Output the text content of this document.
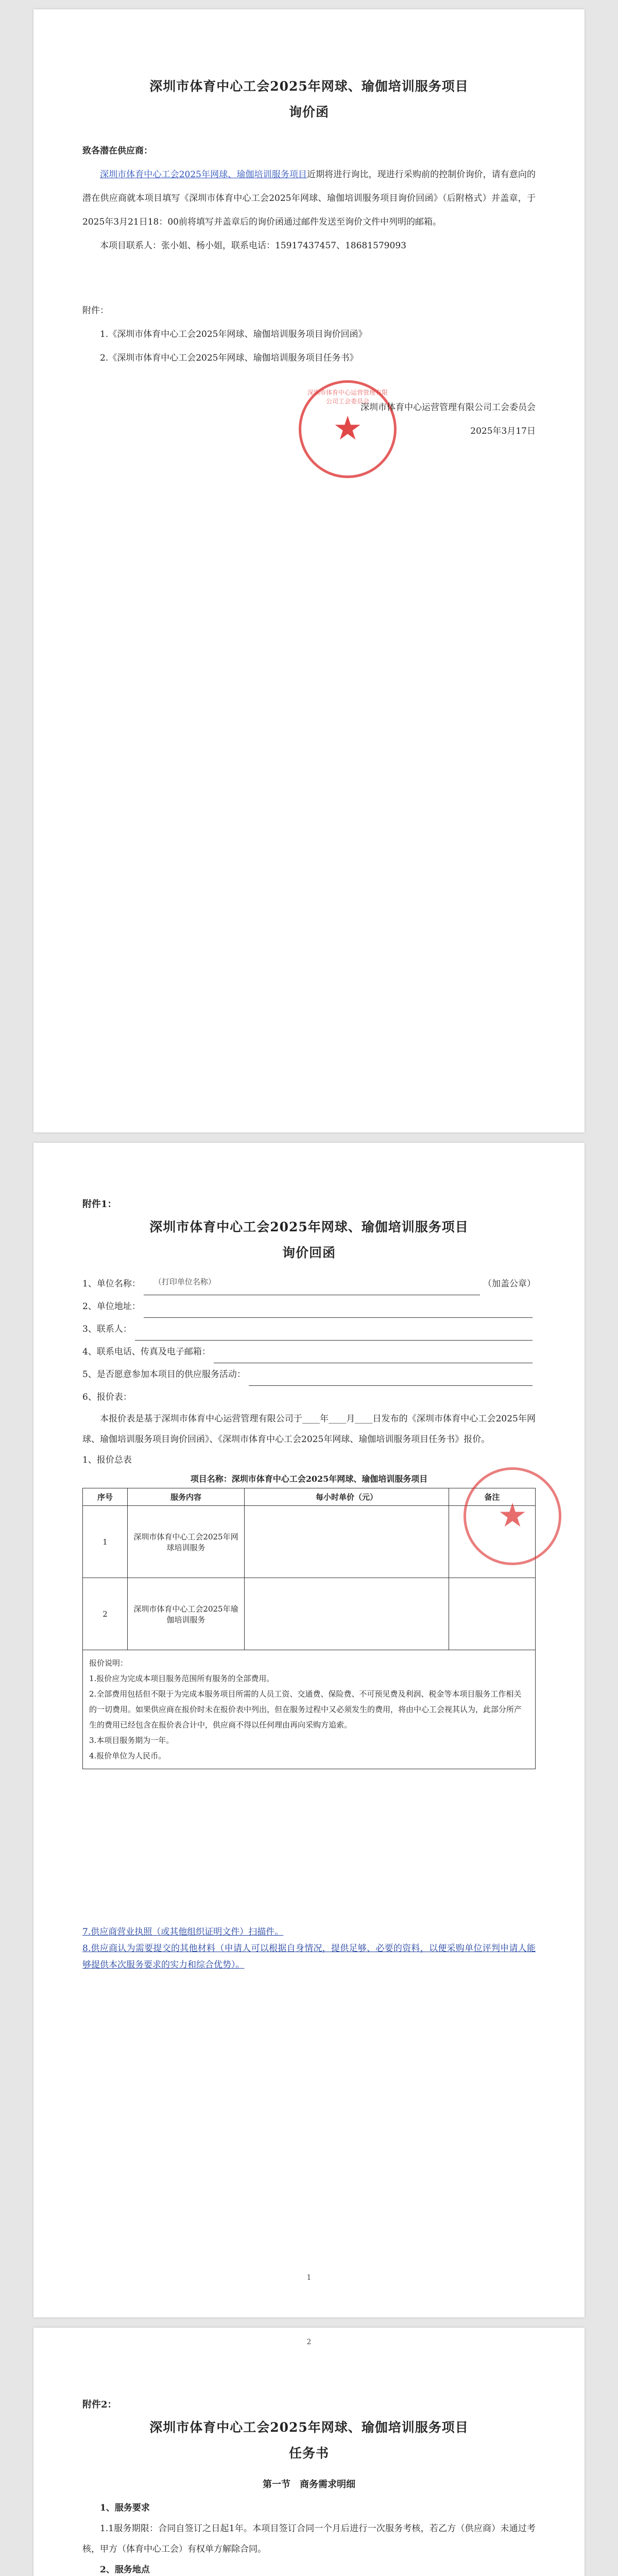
深圳市体育中心工会2025年网球、瑜伽培训服务项目
询价函

致各潜在供应商：

深圳市体育中心工会2025年网球、瑜伽培训服务项目近期将进行询比，现进行采购前的控制价询价，请有意向的潜在供应商就本项目填写《深圳市体育中心工会2025年网球、瑜伽培训服务项目询价回函》（后附格式）并盖章，于2025年3月21日18：00前将填写并盖章后的询价函通过邮件发送至询价文件中列明的邮箱。

本项目联系人：张小姐、杨小姐，联系电话：15917437457、18681579093

附件：

1.《深圳市体育中心工会2025年网球、瑜伽培训服务项目询价回函》

2.《深圳市体育中心工会2025年网球、瑜伽培训服务项目任务书》

深圳市体育中心运营管理有限公司工会委员会
★
深圳市体育中心运营管理有限公司工会委员会
2025年3月17日
附件1：
深圳市体育中心工会2025年网球、瑜伽培训服务项目
询价回函
1、单位名称： （打印单位名称）	（加盖公章）
2、单位地址：
3、联系人：
4、联系电话、传真及电子邮箱：
5、是否愿意参加本项目的供应服务活动：
6、报价表：

本报价表是基于深圳市体育中心运营管理有限公司于____年____月____日发布的《深圳市体育中心工会2025年网球、瑜伽培训服务项目询价回函》、《深圳市体育中心工会2025年网球、瑜伽培训服务项目任务书》报价。

1、报价总表

项目名称：深圳市体育中心工会2025年网球、瑜伽培训服务项目
序号	服务内容	每小时单价（元）	备注
1	深圳市体育中心工会2025年网球培训服务		
2	深圳市体育中心工会2025年瑜伽培训服务		
报价说明：
1.报价应为完成本项目服务范围所有服务的全部费用。
2.全部费用包括但不限于为完成本服务项目所需的人员工资、交通费、保险费、不可预见费及利润、税金等本项目服务工作相关的一切费用。如果供应商在报价时未在报价表中列出，但在服务过程中又必须发生的费用，将由中心工会视其认为，此部分所产生的费用已经包含在报价表合计中，供应商不得以任何理由再向采购方追索。
3.本项目服务期为一年。
4.报价单位为人民币。
★

7.供应商营业执照（或其他组织证明文件）扫描件。

8.供应商认为需要提交的其他材料（申请人可以根据自身情况，提供足够、必要的资料，以便采购单位评判申请人能够提供本次服务要求的实力和综合优势）。

1
2
附件2：
深圳市体育中心工会2025年网球、瑜伽培训服务项目
任务书
第一节　商务需求明细

1、服务要求

1.1服务期限：合同自签订之日起1年。本项目签订合同一个月后进行一次服务考核，若乙方（供应商）未通过考核，甲方（体育中心工会）有权单方解除合同。

2、服务地点
